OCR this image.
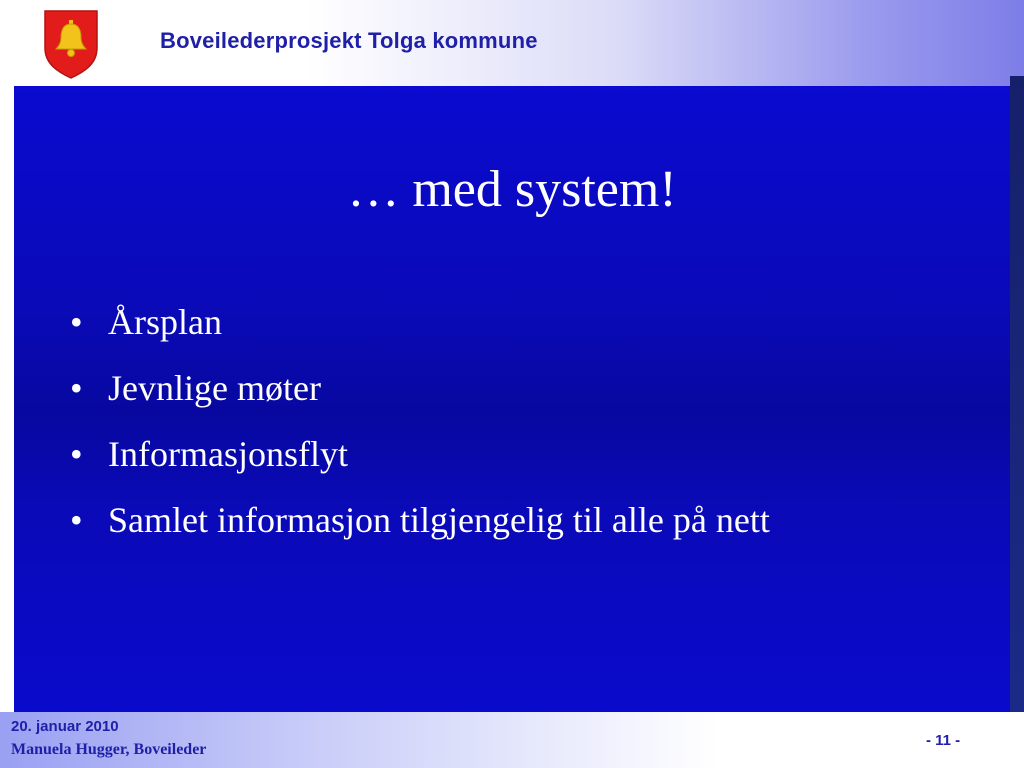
Boveilederprosjekt Tolga kommune
… med system!
• Årsplan
• Jevnlige møter
• Informasjonsflyt
• Samlet informasjon tilgjengelig til alle på nett
20. januar 2010
Manuela Hugger, Boveileder
- 11 -
